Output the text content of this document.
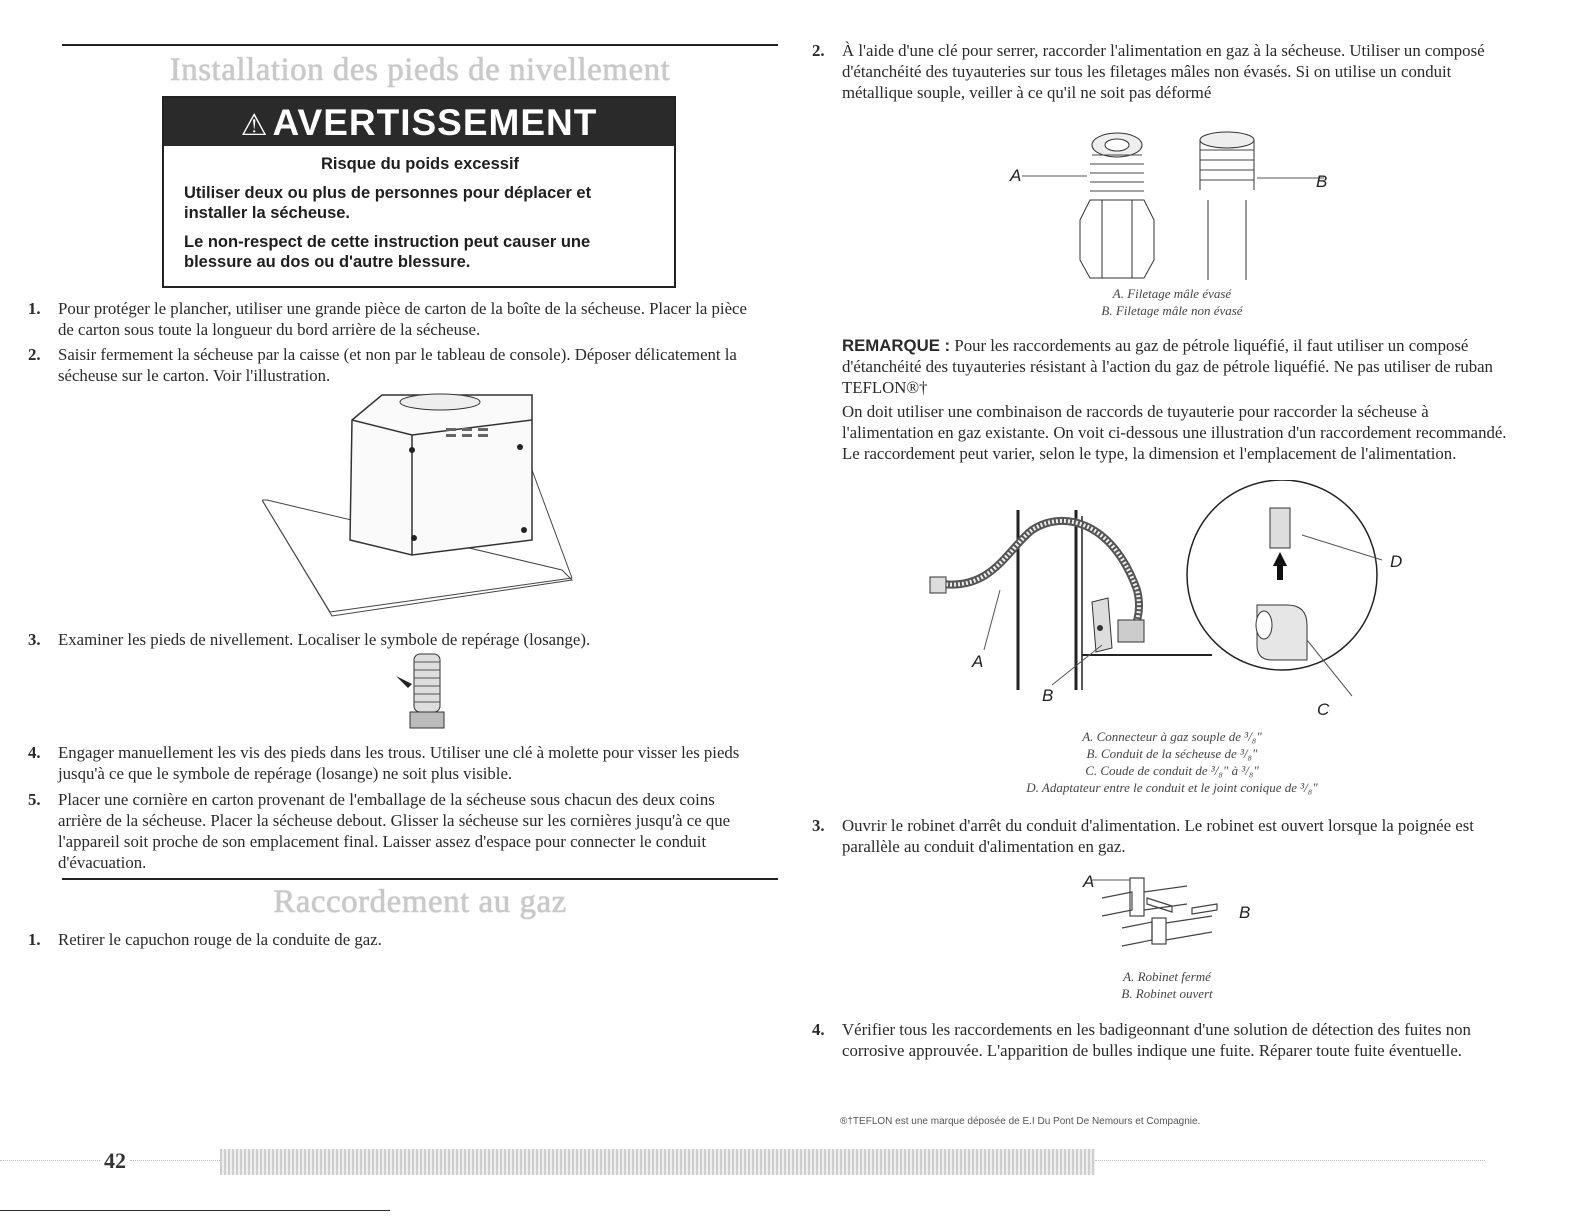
Installation des pieds de nivellement
⚠ AVERTISSEMENT

Risque du poids excessif

Utiliser deux ou plus de personnes pour déplacer et installer la sécheuse.

Le non-respect de cette instruction peut causer une blessure au dos ou d'autre blessure.

1. Pour protéger le plancher, utiliser une grande pièce de carton de la boîte de la sécheuse. Placer la pièce de carton sous toute la longueur du bord arrière de la sécheuse.
2. Saisir fermement la sécheuse par la caisse (et non par le tableau de console). Déposer délicatement la sécheuse sur le carton. Voir l'illustration.
3. Examiner les pieds de nivellement. Localiser le symbole de repérage (losange).
4. Engager manuellement les vis des pieds dans les trous. Utiliser une clé à molette pour visser les pieds jusqu'à ce que le symbole de repérage (losange) ne soit plus visible.
5. Placer une cornière en carton provenant de l'emballage de la sécheuse sous chacun des deux coins arrière de la sécheuse. Placer la sécheuse debout. Glisser la sécheuse sur les cornières jusqu'à ce que l'appareil soit proche de son emplacement final. Laisser assez d'espace pour connecter le conduit d'évacuation.
Raccordement au gaz
1. Retirer le capuchon rouge de la conduite de gaz.
2. À l'aide d'une clé pour serrer, raccorder l'alimentation en gaz à la sécheuse. Utiliser un composé d'étanchéité des tuyauteries sur tous les filetages mâles non évasés. Si on utilise un conduit métallique souple, veiller à ce qu'il ne soit pas déformé
A	B
A. Filetage mâle évasé
B. Filetage mâle non évasé
REMARQUE : Pour les raccordements au gaz de pétrole liquéfié, il faut utiliser un composé d'étanchéité des tuyauteries résistant à l'action du gaz de pétrole liquéfié. Ne pas utiliser de ruban TEFLON®†
On doit utiliser une combinaison de raccords de tuyauterie pour raccorder la sécheuse à l'alimentation en gaz existante. On voit ci-dessous une illustration d'un raccordement recommandé. Le raccordement peut varier, selon le type, la dimension et l'emplacement de l'alimentation.
A
B
C
D
A. Connecteur à gaz souple de ³/₈"
B. Conduit de la sécheuse de ³/₈"
C. Coude de conduit de ³/₈" à ³/₈"
D. Adaptateur entre le conduit et le joint conique de ³/₈"
3. Ouvrir le robinet d'arrêt du conduit d'alimentation. Le robinet est ouvert lorsque la poignée est parallèle au conduit d'alimentation en gaz.
A
B
A. Robinet fermé
B. Robinet ouvert
4. Vérifier tous les raccordements en les badigeonnant d'une solution de détection des fuites non corrosive approuvée. L'apparition de bulles indique une fuite. Réparer toute fuite éventuelle.
®†TEFLON est une marque déposée de E.I Du Pont De Nemours et Compagnie.
42
